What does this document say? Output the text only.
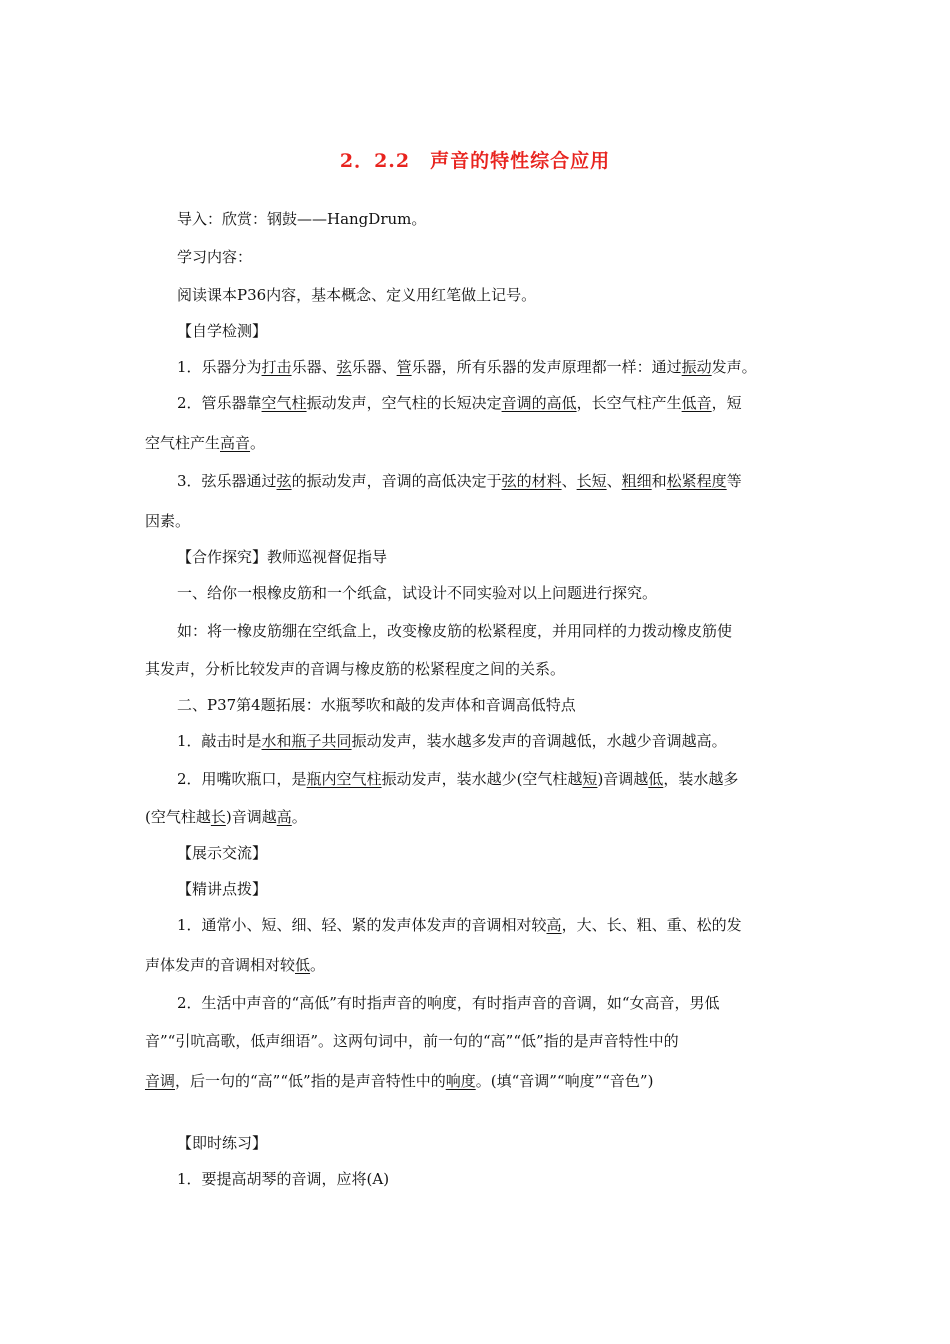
2．2.2　声音的特性综合应用
导入：欣赏：钢鼓——HangDrum。
学习内容：
阅读课本P36内容，基本概念、定义用红笔做上记号。
【自学检测】
1．乐器分为打击乐器、弦乐器、管乐器，所有乐器的发声原理都一样：通过振动发声。
2．管乐器靠空气柱振动发声，空气柱的长短决定音调的高低，长空气柱产生低音，短
空气柱产生高音。
3．弦乐器通过弦的振动发声，音调的高低决定于弦的材料、长短、粗细和松紧程度等
因素。
【合作探究】教师巡视督促指导
一、给你一根橡皮筋和一个纸盒，试设计不同实验对以上问题进行探究。
如：将一橡皮筋绷在空纸盒上，改变橡皮筋的松紧程度，并用同样的力拨动橡皮筋使
其发声，分析比较发声的音调与橡皮筋的松紧程度之间的关系。
二、P37第4题拓展：水瓶琴吹和敲的发声体和音调高低特点
1．敲击时是水和瓶子共同振动发声，装水越多发声的音调越低，水越少音调越高。
2．用嘴吹瓶口，是瓶内空气柱振动发声，装水越少(空气柱越短)音调越低，装水越多
(空气柱越长)音调越高。
【展示交流】
【精讲点拨】
1．通常小、短、细、轻、紧的发声体发声的音调相对较高，大、长、粗、重、松的发
声体发声的音调相对较低。
2．生活中声音的“高低”有时指声音的响度，有时指声音的音调，如“女高音，男低
音”“引吭高歌，低声细语”。这两句词中，前一句的“高”“低”指的是声音特性中的
音调，后一句的“高”“低”指的是声音特性中的响度。(填“音调”“响度”“音色”)
【即时练习】
1．要提高胡琴的音调，应将(A)
